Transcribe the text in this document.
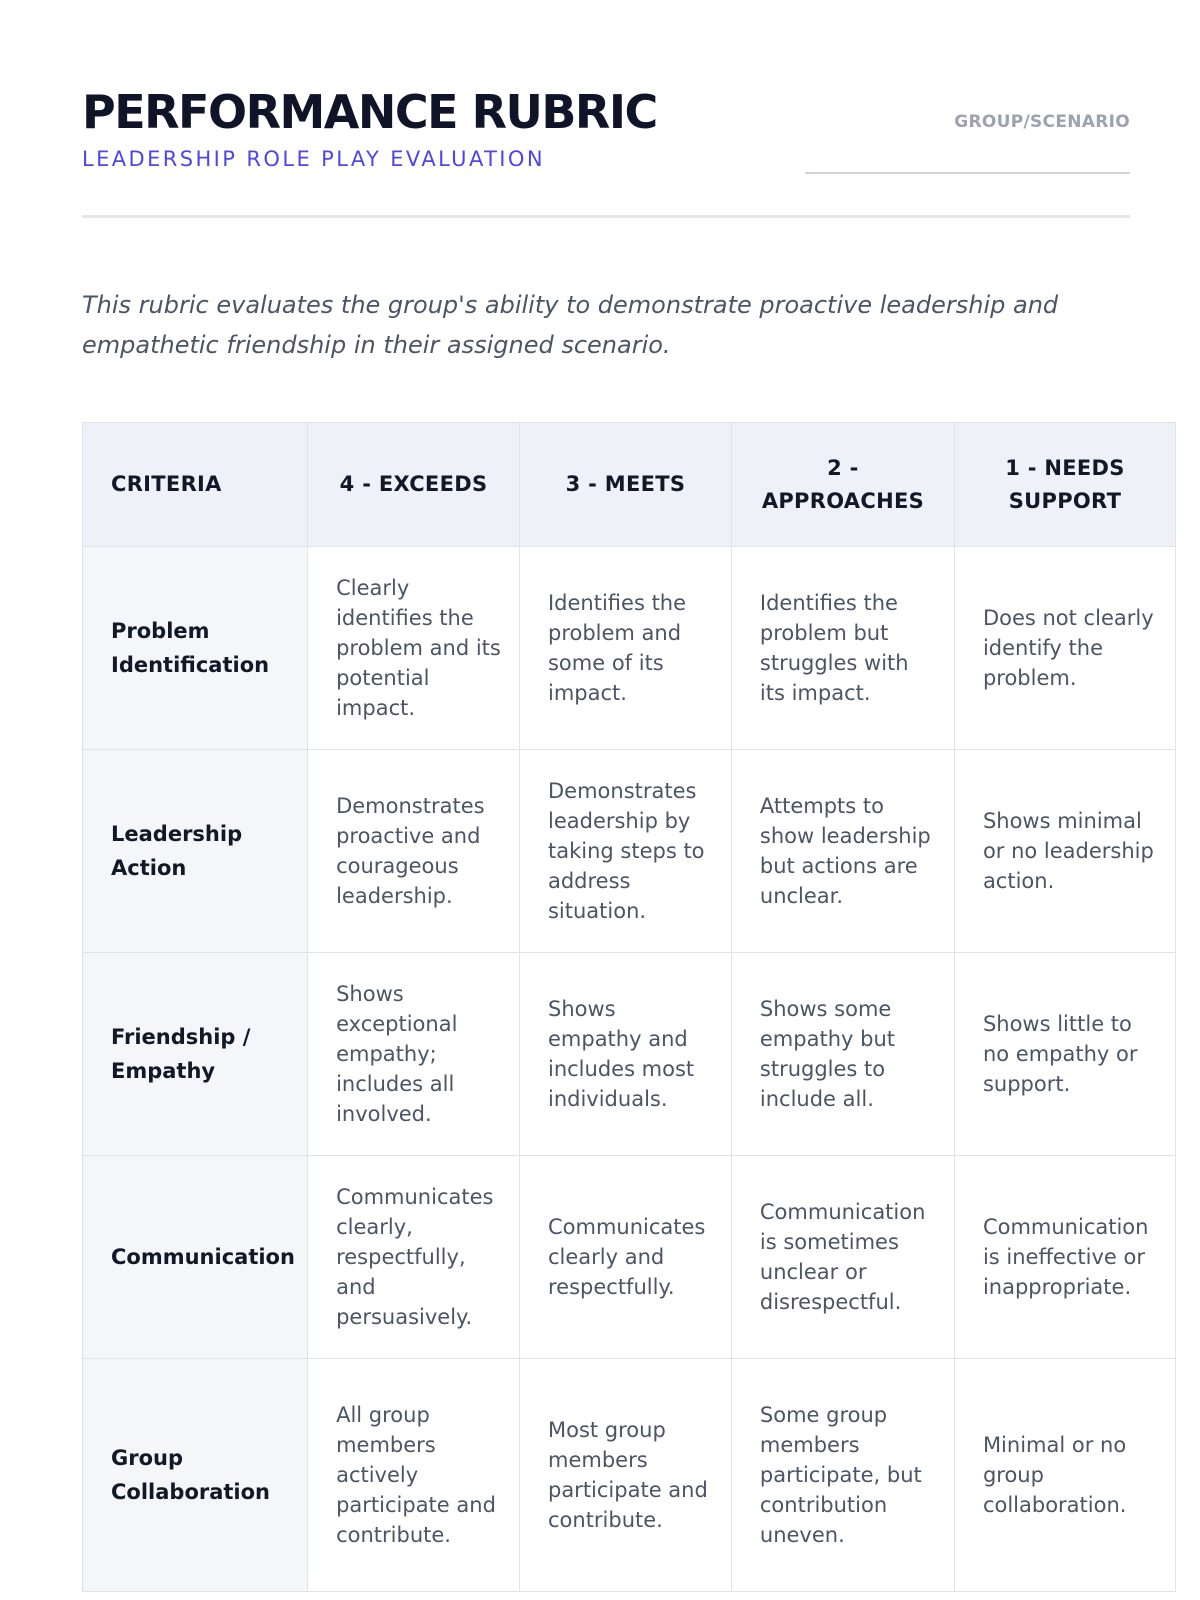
PERFORMANCE RUBRIC
LEADERSHIP ROLE PLAY EVALUATION
GROUP/SCENARIO
This rubric evaluates the group's ability to demonstrate proactive leadership and empathetic friendship in their assigned scenario.
CRITERIA	4 - EXCEEDS	3 - MEETS	2 - APPROACHES	1 - NEEDS SUPPORT
Problem Identification	Clearly identifies the problem and its potential impact.	Identifies the problem and some of its impact.	Identifies the problem but struggles with its impact.	Does not clearly identify the problem.
Leadership Action	Demonstrates proactive and courageous leadership.	Demonstrates leadership by taking steps to address situation.	Attempts to show leadership but actions are unclear.	Shows minimal or no leadership action.
Friendship / Empathy	Shows exceptional empathy; includes all involved.	Shows empathy and includes most individuals.	Shows some empathy but struggles to include all.	Shows little to no empathy or support.
Communication	Communicates clearly, respectfully, and persuasively.	Communicates clearly and respectfully.	Communication is sometimes unclear or disrespectful.	Communication is ineffective or inappropriate.
Group Collaboration	All group members actively participate and contribute.	Most group members participate and contribute.	Some group members participate, but contribution uneven.	Minimal or no group collaboration.
